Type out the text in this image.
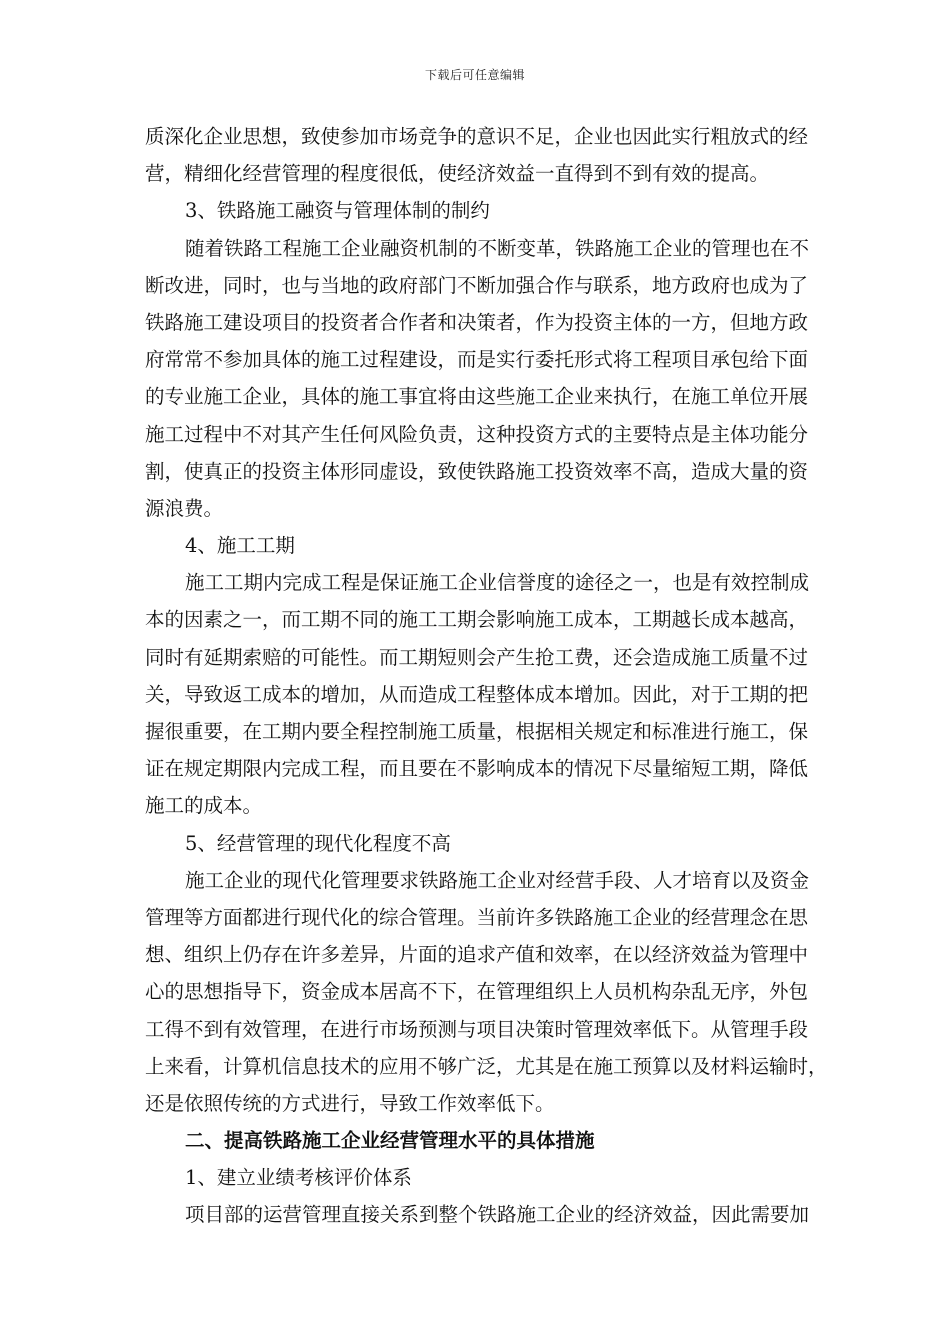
下载后可任意编辑
质深化企业思想，致使参加市场竞争的意识不足，企业也因此实行粗放式的经
营，精细化经营管理的程度很低，使经济效益一直得到不到有效的提高。
3、铁路施工融资与管理体制的制约
随着铁路工程施工企业融资机制的不断变革，铁路施工企业的管理也在不
断改进，同时，也与当地的政府部门不断加强合作与联系，地方政府也成为了
铁路施工建设项目的投资者合作者和决策者，作为投资主体的一方，但地方政
府常常不参加具体的施工过程建设，而是实行委托形式将工程项目承包给下面
的专业施工企业，具体的施工事宜将由这些施工企业来执行，在施工单位开展
施工过程中不对其产生任何风险负责，这种投资方式的主要特点是主体功能分
割，使真正的投资主体形同虚设，致使铁路施工投资效率不高，造成大量的资
源浪费。
4、施工工期
施工工期内完成工程是保证施工企业信誉度的途径之一，也是有效控制成
本的因素之一，而工期不同的施工工期会影响施工成本，工期越长成本越高，
同时有延期索赔的可能性。而工期短则会产生抢工费，还会造成施工质量不过
关，导致返工成本的增加，从而造成工程整体成本增加。因此，对于工期的把
握很重要，在工期内要全程控制施工质量，根据相关规定和标准进行施工，保
证在规定期限内完成工程，而且要在不影响成本的情况下尽量缩短工期，降低
施工的成本。
5、经营管理的现代化程度不高
施工企业的现代化管理要求铁路施工企业对经营手段、人才培育以及资金
管理等方面都进行现代化的综合管理。当前许多铁路施工企业的经营理念在思
想、组织上仍存在许多差异，片面的追求产值和效率，在以经济效益为管理中
心的思想指导下，资金成本居高不下，在管理组织上人员机构杂乱无序，外包
工得不到有效管理，在进行市场预测与项目决策时管理效率低下。从管理手段
上来看，计算机信息技术的应用不够广泛，尤其是在施工预算以及材料运输时，
还是依照传统的方式进行，导致工作效率低下。
二、提高铁路施工企业经营管理水平的具体措施
1、建立业绩考核评价体系
项目部的运营管理直接关系到整个铁路施工企业的经济效益，因此需要加
